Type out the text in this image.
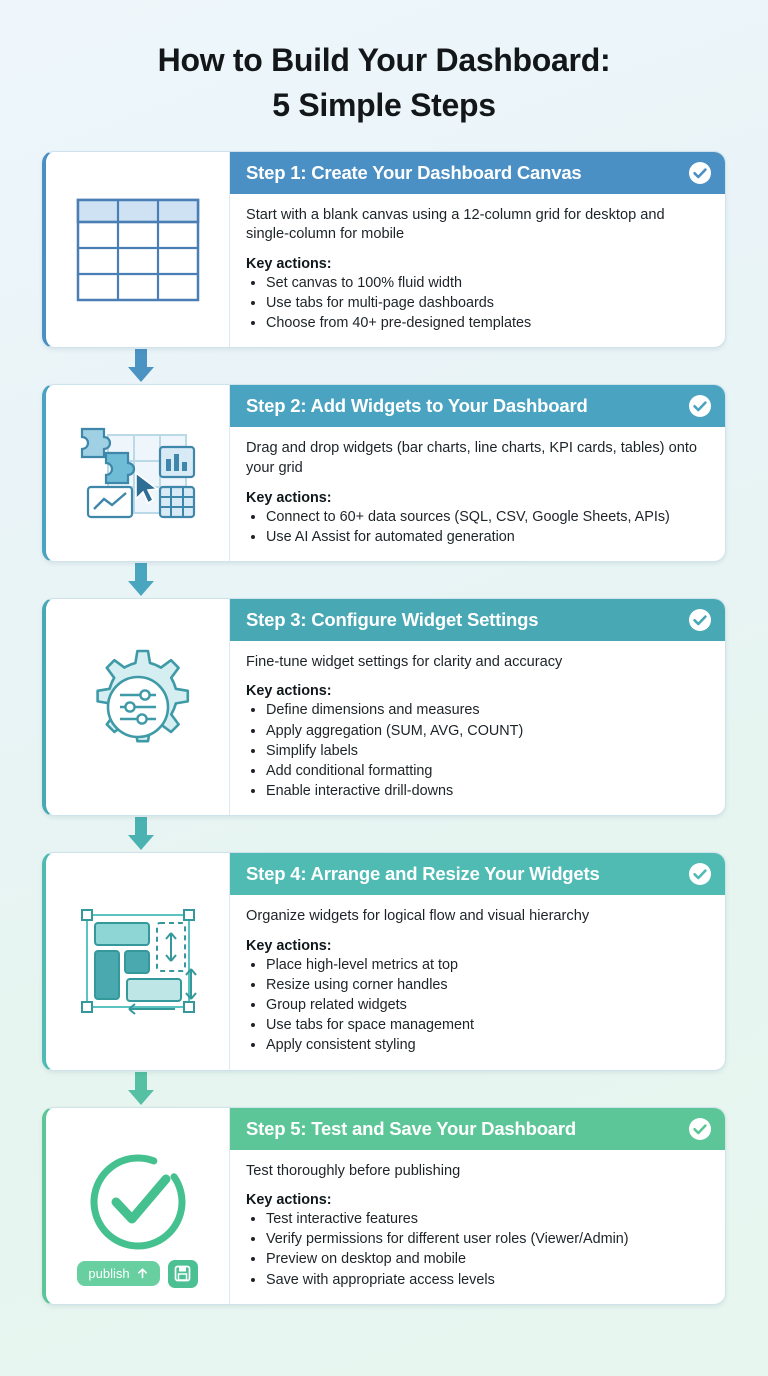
How to Build Your Dashboard:
5 Simple Steps
Step 1: Create Your Dashboard Canvas
Start with a blank canvas using a 12-column grid for desktop and single-column for mobile
Key actions:
• Set canvas to 100% fluid width
• Use tabs for multi-page dashboards
• Choose from 40+ pre-designed templates
Step 2: Add Widgets to Your Dashboard
Drag and drop widgets (bar charts, line charts, KPI cards, tables) onto your grid
Key actions:
• Connect to 60+ data sources (SQL, CSV, Google Sheets, APIs)
• Use AI Assist for automated generation
Step 3: Configure Widget Settings
Fine-tune widget settings for clarity and accuracy
Key actions:
• Define dimensions and measures
• Apply aggregation (SUM, AVG, COUNT)
• Simplify labels
• Add conditional formatting
• Enable interactive drill-downs
Step 4: Arrange and Resize Your Widgets
Organize widgets for logical flow and visual hierarchy
Key actions:
• Place high-level metrics at top
• Resize using corner handles
• Group related widgets
• Use tabs for space management
• Apply consistent styling
publish
Step 5: Test and Save Your Dashboard
Test thoroughly before publishing
Key actions:
• Test interactive features
• Verify permissions for different user roles (Viewer/Admin)
• Preview on desktop and mobile
• Save with appropriate access levels
